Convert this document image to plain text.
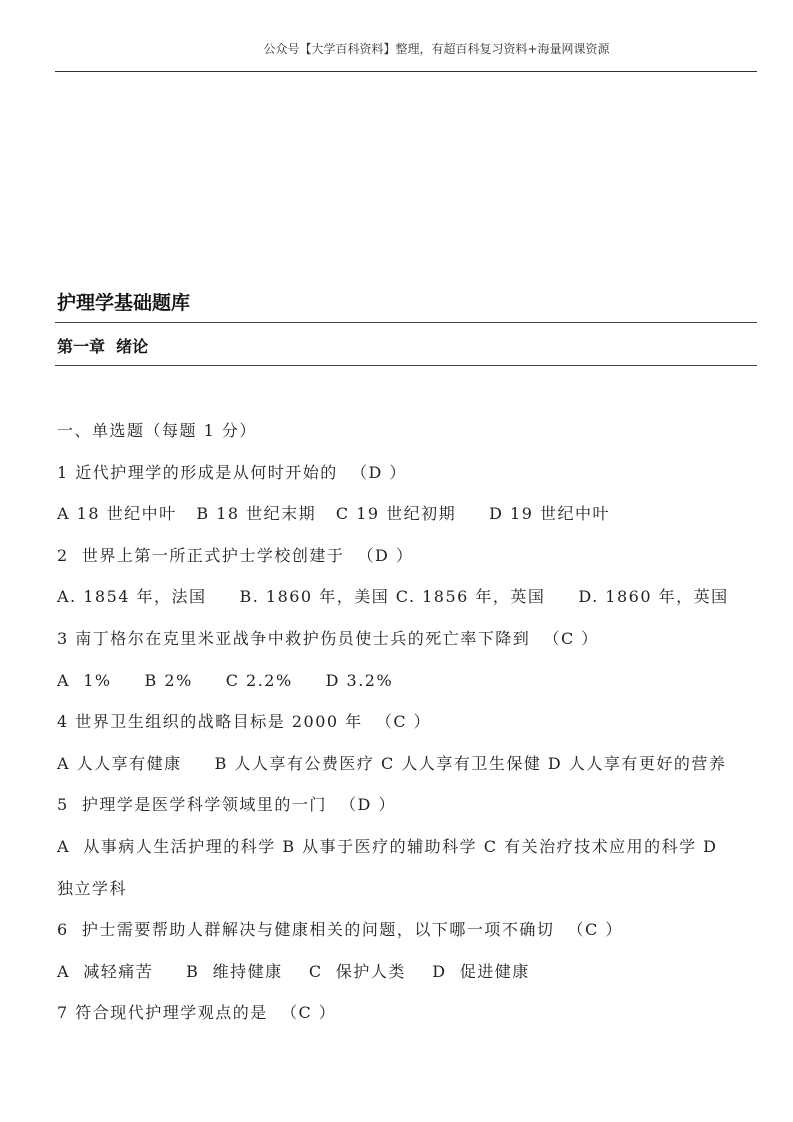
公众号【大学百科资料】整理，有超百科复习资料+海量网课资源
护理学基础题库
第一章  绪论
一、单选题（每题 1 分）
1 近代护理学的形成是从何时开始的  （D ）
A 18 世纪中叶   B 18 世纪末期   C 19 世纪初期     D 19 世纪中叶
2  世界上第一所正式护士学校创建于  （D ）
A. 1854 年，法国     B. 1860 年，美国 C. 1856 年，英国     D. 1860 年，英国
3 南丁格尔在克里米亚战争中救护伤员使士兵的死亡率下降到  （C ）
A  1%     B 2%     C 2.2%     D 3.2%
4 世界卫生组织的战略目标是 2000 年  （C ）
A 人人享有健康     B 人人享有公费医疗 C 人人享有卫生保健 D 人人享有更好的营养
5  护理学是医学科学领域里的一门  （D ）
A  从事病人生活护理的科学 B 从事于医疗的辅助科学 C 有关治疗技术应用的科学 D
独立学科
6  护士需要帮助人群解决与健康相关的问题，以下哪一项不确切  （C ）
A  减轻痛苦     B  维持健康    C  保护人类    D  促进健康
7 符合现代护理学观点的是  （C ）
